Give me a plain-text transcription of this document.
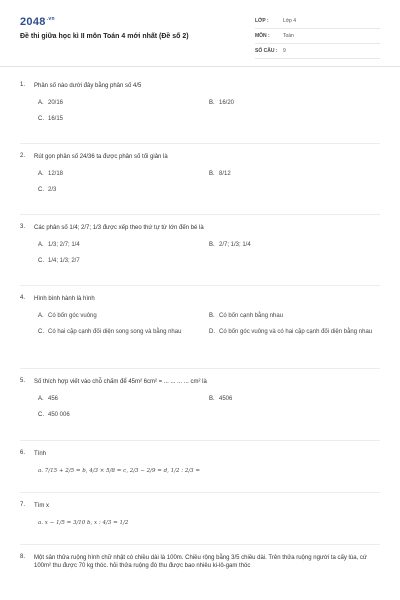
$2048^{.vn}$
Đề thi giữa học kì II môn Toán 4 mới nhất (Đề số 2)
LỚP :	Lớp 4
MÔN :	Toán
SỐ CÂU :	9
1.	Phân số nào dưới đây bằng phân số 4/5
A. 20/16	B. 16/20
C. 16/15
2.	Rút gọn phân số 24/36 ta được phân số tối giản là
A. 12/18	B. 8/12
C. 2/3
3.	Các phân số 1/4; 2/7; 1/3 được xếp theo thứ tự từ lớn đến bé là
A. 1/3; 2/7; 1/4	B. 2/7; 1/3; 1/4
C. 1/4; 1/3; 2/7
4.	Hình bình hành là hình
A. Có bốn góc vuông	B. Có bốn cạnh bằng nhau
C. Có hai cặp cạnh đối diện song song và bằng nhau	D. Có bốn góc vuông và có hai cặp cạnh đối diện bằng nhau
5.	Số thích hợp viết vào chỗ chấm để 45m² 6cm² = ... ... ... ... cm² là
A. 456	B. 4506
C. 450 006
6.	Tính
a. 7/15 + 2/5 = b, 4/3 × 5/8 = c, 2/3 − 2/9 = d, 1/2 : 2/3 =
7.	Tìm x
a. x − 1/5 = 3/10 b, x : 4/3 = 1/2
8.	Một sân thửa ruộng hình chữ nhật có chiều dài là 100m. Chiều rộng bằng 3/5 chiều dài. Trên thửa ruộng người ta cấy lúa, cứ 100m² thu được 70 kg thóc. hỏi thửa ruộng đó thu được bao nhiêu ki-lô-gam thóc
